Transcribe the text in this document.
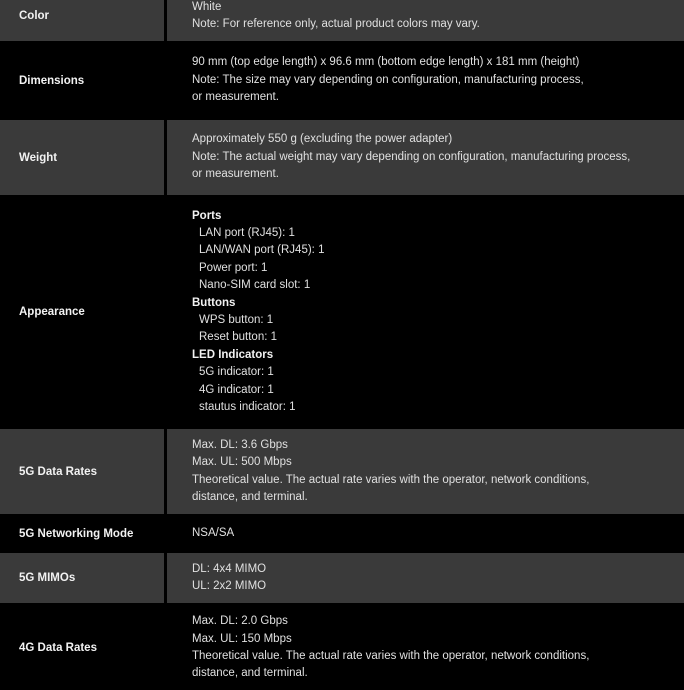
Color
White
Note: For reference only, actual product colors may vary.
Dimensions
90 mm (top edge length) x 96.6 mm (bottom edge length) x 181 mm (height)
Note: The size may vary depending on configuration, manufacturing process,
or measurement.
Weight
Approximately 550 g (excluding the power adapter)
Note: The actual weight may vary depending on configuration, manufacturing process,
or measurement.
Appearance
Ports
LAN port (RJ45): 1
LAN/WAN port (RJ45): 1
Power port: 1
Nano-SIM card slot: 1
Buttons
WPS button: 1
Reset button: 1
LED Indicators
5G indicator: 1
4G indicator: 1
stautus indicator: 1
5G Data Rates
Max. DL: 3.6 Gbps
Max. UL: 500 Mbps
Theoretical value. The actual rate varies with the operator, network conditions,
distance, and terminal.
5G Networking Mode	NSA/SA
5G MIMOs
DL: 4x4 MIMO
UL: 2x2 MIMO
4G Data Rates
Max. DL: 2.0 Gbps
Max. UL: 150 Mbps
Theoretical value. The actual rate varies with the operator, network conditions,
distance, and terminal.
